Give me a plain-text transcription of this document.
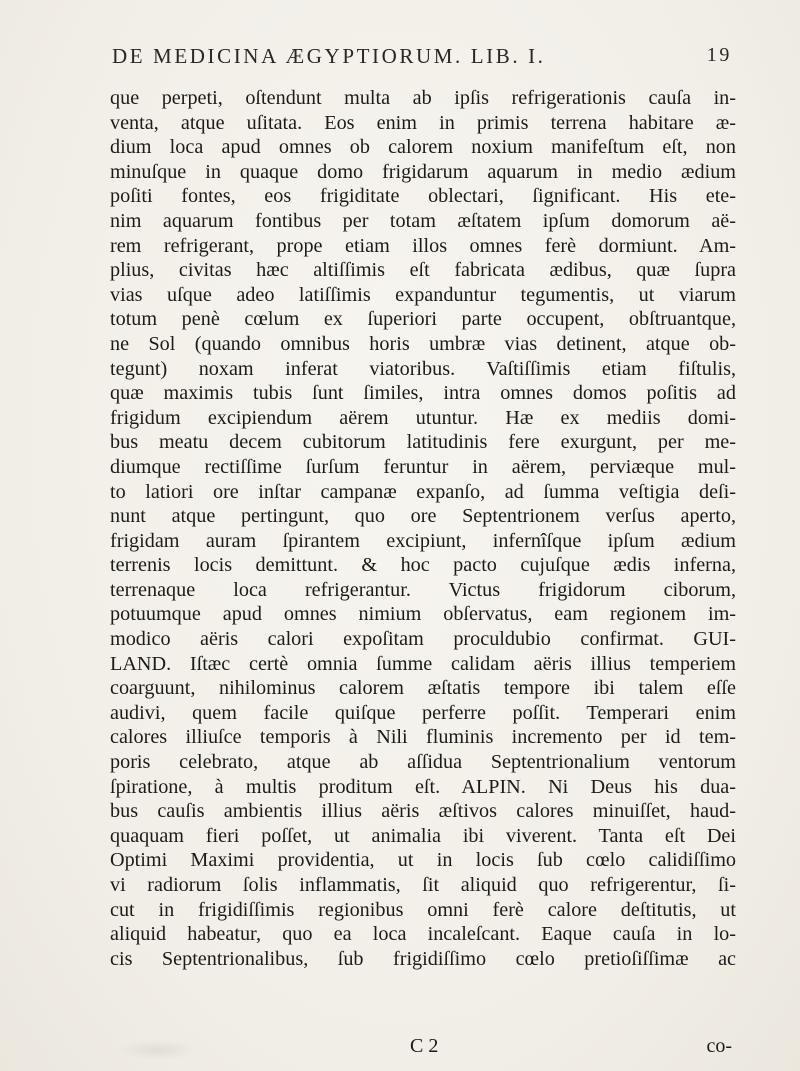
DE MEDICINA ÆGYPTIORUM. LIB. I.	19
que perpeti, oſtendunt multa ab ipſis refrigerationis cauſa in-
venta, atque uſitata. Eos enim in primis terrena habitare æ-
dium loca apud omnes ob calorem noxium manifeſtum eſt, non
minuſque in quaque domo frigidarum aquarum in medio ædium
poſiti fontes, eos frigiditate oblectari, ſignificant. His ete-
nim aquarum fontibus per totam æſtatem ipſum domorum aë-
rem refrigerant, prope etiam illos omnes ferè dormiunt. Am-
plius, civitas hæc altiſſimis eſt fabricata ædibus, quæ ſupra
vias uſque adeo latiſſimis expanduntur tegumentis, ut viarum
totum penè cœlum ex ſuperiori parte occupent, obſtruantque,
ne Sol (quando omnibus horis umbræ vias detinent, atque ob-
tegunt) noxam inferat viatoribus. Vaſtiſſimis etiam fiſtulis,
quæ maximis tubis ſunt ſimiles, intra omnes domos poſitis ad
frigidum excipiendum aërem utuntur. Hæ ex mediis domi-
bus meatu decem cubitorum latitudinis fere exurgunt, per me-
diumque rectiſſime ſurſum feruntur in aërem, perviæque mul-
to latiori ore inſtar campanæ expanſo, ad ſumma veſtigia deſi-
nunt atque pertingunt, quo ore Septentrionem verſus aperto,
frigidam auram ſpirantem excipiunt, infernîſque ipſum ædium
terrenis locis demittunt. & hoc pacto cujuſque ædis inferna,
terrenaque loca refrigerantur. Victus frigidorum ciborum,
potuumque apud omnes nimium obſervatus, eam regionem im-
modico aëris calori expoſitam proculdubio confirmat. GUI-
LAND. Iſtæc certè omnia ſumme calidam aëris illius temperiem
coarguunt, nihilominus calorem æſtatis tempore ibi talem eſſe
audivi, quem facile quiſque perferre poſſit. Temperari enim
calores illiuſce temporis à Nili fluminis incremento per id tem-
poris celebrato, atque ab aſſidua Septentrionalium ventorum
ſpiratione, à multis proditum eſt. ALPIN. Ni Deus his dua-
bus cauſis ambientis illius aëris æſtivos calores minuiſſet, haud-
quaquam fieri poſſet, ut animalia ibi viverent. Tanta eſt Dei
Optimi Maximi providentia, ut in locis ſub cœlo calidiſſimo
vi radiorum ſolis inflammatis, ſit aliquid quo refrigerentur, ſi-
cut in frigidiſſimis regionibus omni ferè calore deſtitutis, ut
aliquid habeatur, quo ea loca incaleſcant. Eaque cauſa in lo-
cis Septentrionalibus, ſub frigidiſſimo cœlo pretioſiſſimæ ac
C 2	co-
